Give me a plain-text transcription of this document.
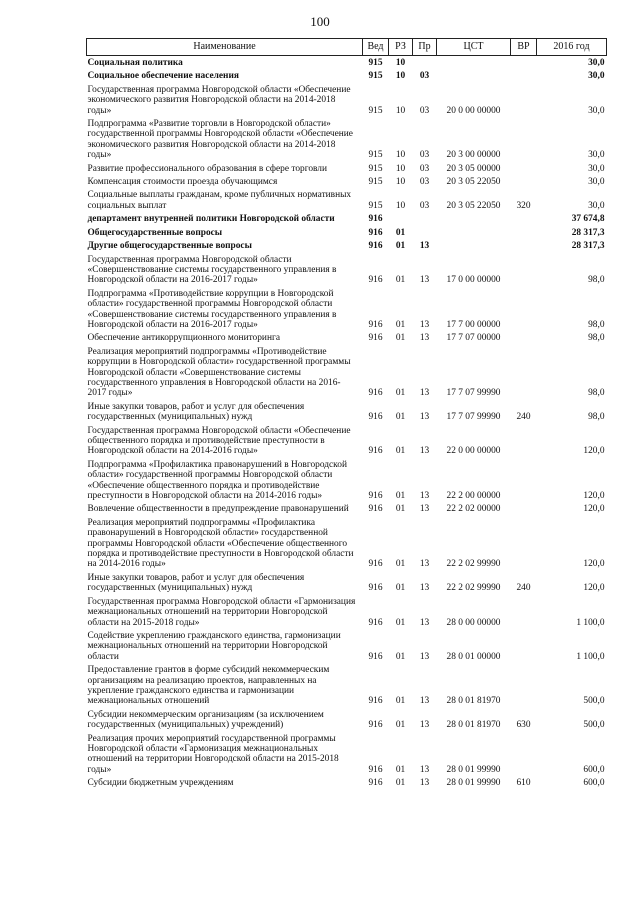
100
Наименование	Вед	РЗ	Пр	ЦСТ	ВР	2016 год
Социальная политика	915	10				30,0
Социальное обеспечение населения	915	10	03			30,0
Государственная программа Новгородской области «Обеспечение экономического развития Новгородской области на 2014-2018 годы»	915	10	03	20 0 00 00000		30,0
Подпрограмма «Развитие торговли в Новгородской области» государственной программы Новгородской области «Обеспечение экономического развития Новгородской области на 2014-2018 годы»	915	10	03	20 3 00 00000		30,0
Развитие профессионального образования в сфере торговли	915	10	03	20 3 05 00000		30,0
Компенсация стоимости проезда обучающимся	915	10	03	20 3 05 22050		30,0
Социальные выплаты гражданам, кроме публичных нормативных социальных выплат	915	10	03	20 3 05 22050	320	30,0
департамент внутренней политики Новгородской области	916					37 674,8
Общегосударственные вопросы	916	01				28 317,3
Другие общегосударственные вопросы	916	01	13			28 317,3
Государственная программа Новгородской области «Совершенствование системы государственного управления в Новгородской области на 2016-2017 годы»	916	01	13	17 0 00 00000		98,0
Подпрограмма «Противодействие коррупции в Новгородской области» государственной программы Новгородской области «Совершенствование системы государственного управления в Новгородской области на 2016-2017 годы»	916	01	13	17 7 00 00000		98,0
Обеспечение антикоррупционного мониторинга	916	01	13	17 7 07 00000		98,0
Реализация мероприятий подпрограммы «Противодействие коррупции в Новгородской области» государственной программы Новгородской области «Совершенствование системы государственного управления в Новгородской области на 2016-2017 годы»	916	01	13	17 7 07 99990		98,0
Иные закупки товаров, работ и услуг для обеспечения государственных (муниципальных) нужд	916	01	13	17 7 07 99990	240	98,0
Государственная программа Новгородской области «Обеспечение общественного порядка и противодействие преступности в Новгородской области на 2014-2016 годы»	916	01	13	22 0 00 00000		120,0
Подпрограмма «Профилактика правонарушений в Новгородской области» государственной программы Новгородской области «Обеспечение общественного порядка и противодействие преступности в Новгородской области на 2014-2016 годы»	916	01	13	22 2 00 00000		120,0
Вовлечение общественности в предупреждение правонарушений	916	01	13	22 2 02 00000		120,0
Реализация мероприятий подпрограммы «Профилактика правонарушений в Новгородской области» государственной программы Новгородской области «Обеспечение общественного порядка и противодействие преступности в Новгородской области на 2014-2016 годы»	916	01	13	22 2 02 99990		120,0
Иные закупки товаров, работ и услуг для обеспечения государственных (муниципальных) нужд	916	01	13	22 2 02 99990	240	120,0
Государственная программа Новгородской области «Гармонизация межнациональных отношений на территории Новгородской области на 2015-2018 годы»	916	01	13	28 0 00 00000		1 100,0
Содействие укреплению гражданского единства, гармонизации межнациональных отношений на территории Новгородской области	916	01	13	28 0 01 00000		1 100,0
Предоставление грантов в форме субсидий некоммерческим организациям на реализацию проектов, направленных на укрепление гражданского единства и гармонизации межнациональных отношений	916	01	13	28 0 01 81970		500,0
Субсидии некоммерческим организациям (за исключением государственных (муниципальных) учреждений)	916	01	13	28 0 01 81970	630	500,0
Реализация прочих мероприятий государственной программы Новгородской области «Гармонизация межнациональных отношений на территории Новгородской области на 2015-2018 годы»	916	01	13	28 0 01 99990		600,0
Субсидии бюджетным учреждениям	916	01	13	28 0 01 99990	610	600,0
